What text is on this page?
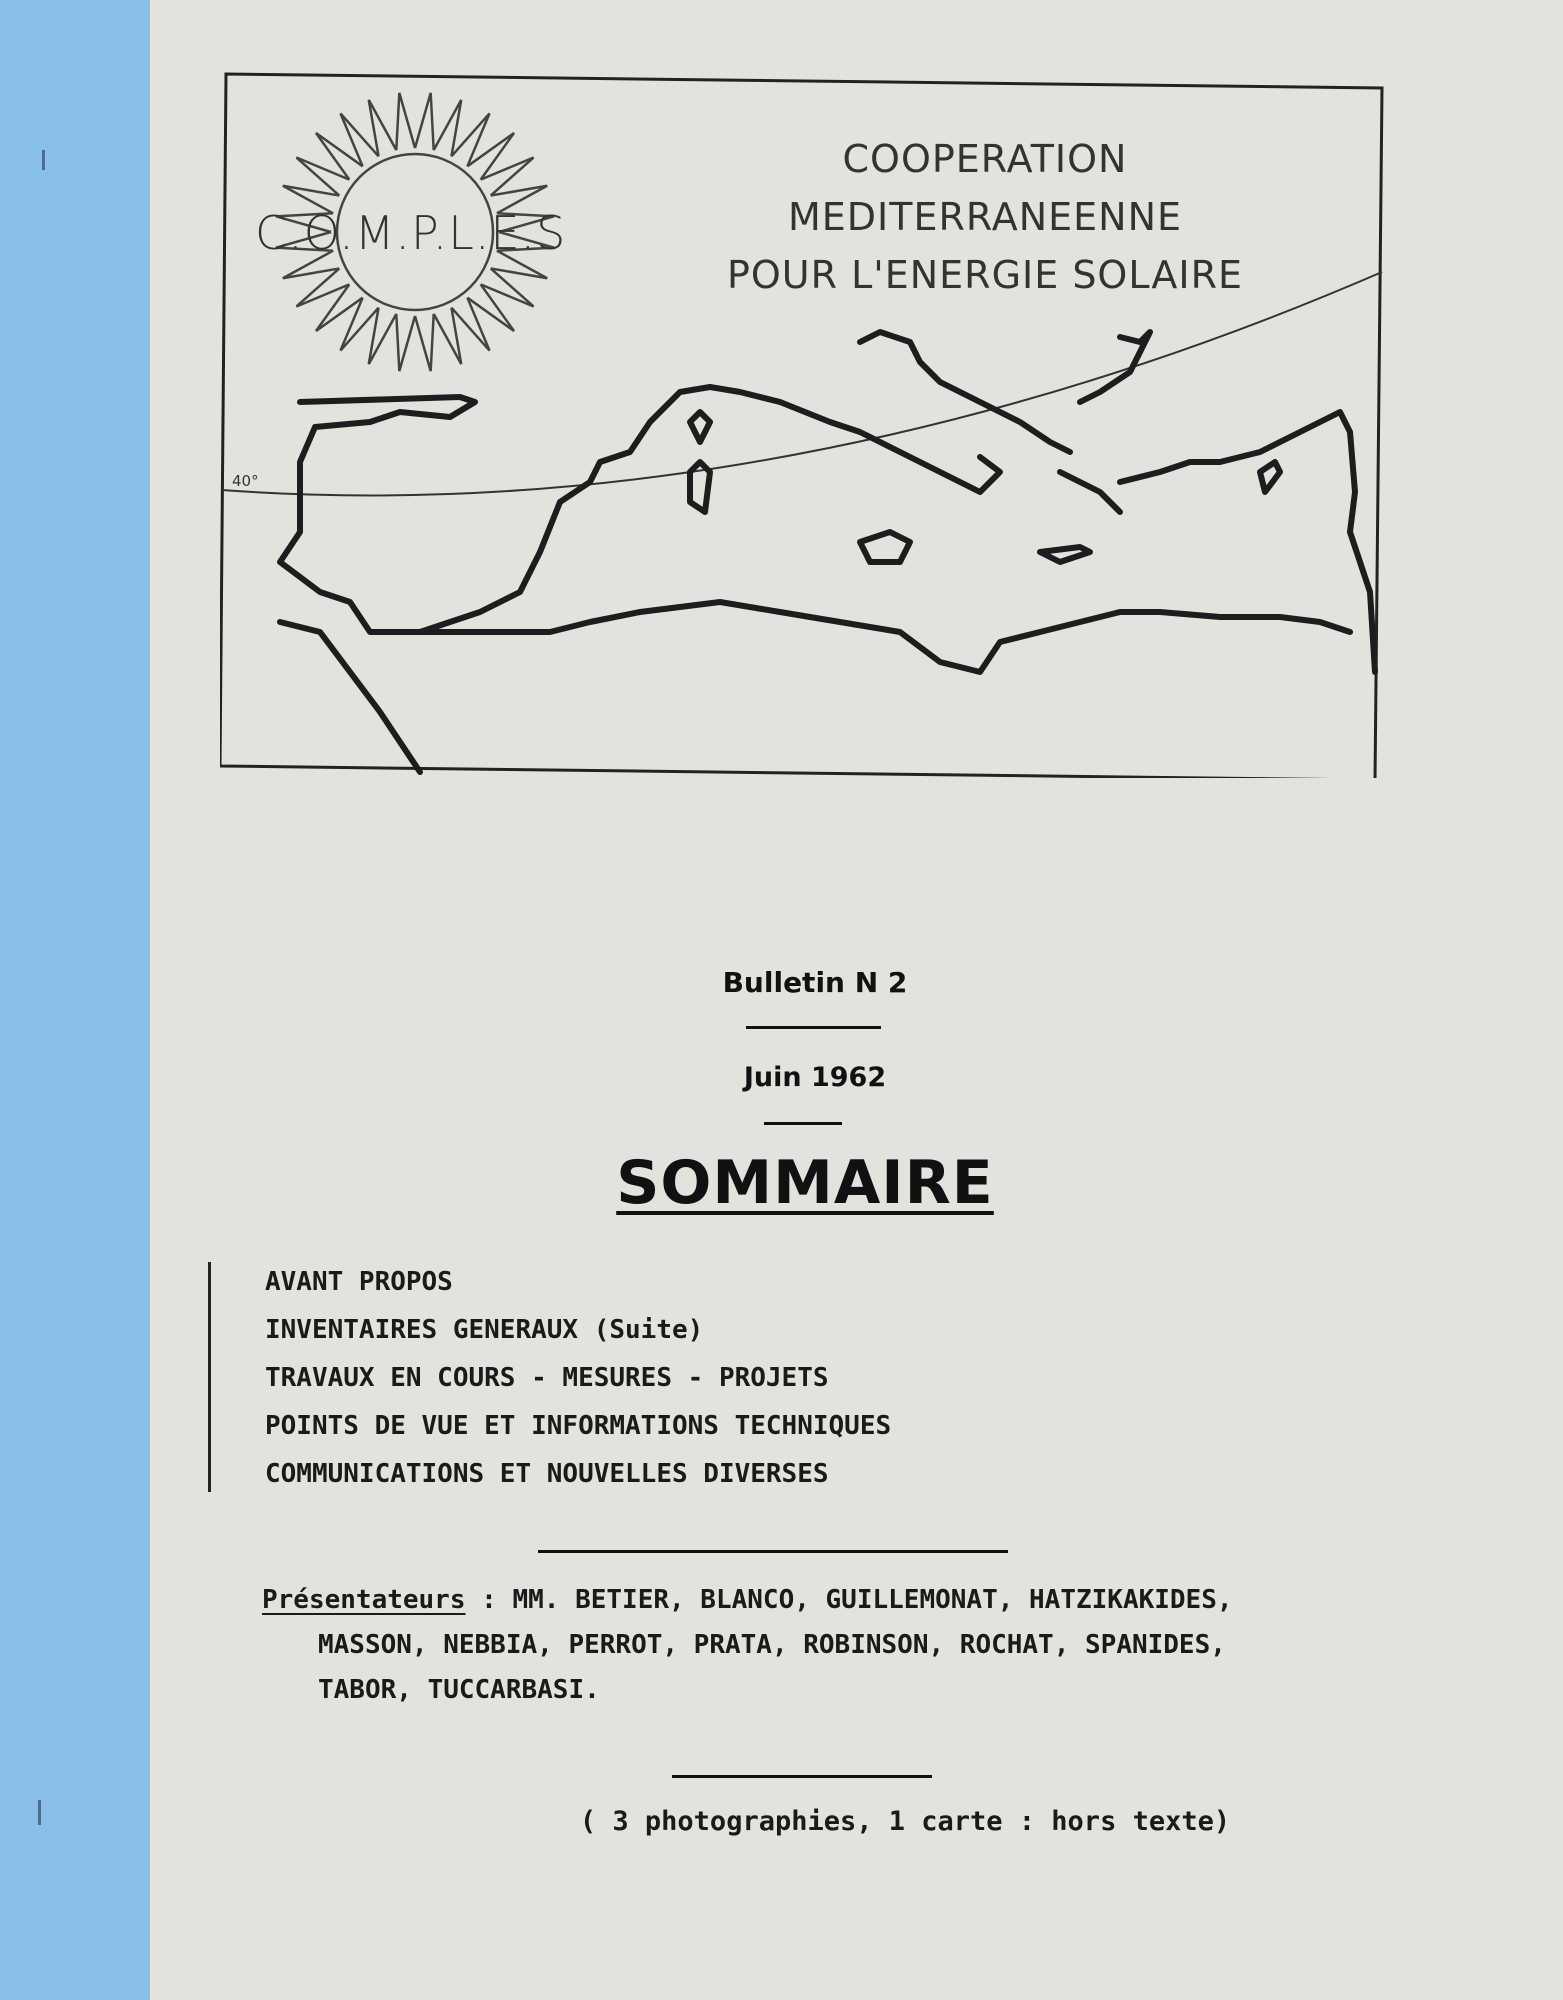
C.O.M.P.L.E.S
40°
COOPERATION
MEDITERRANEENNE
POUR L'ENERGIE SOLAIRE
Bulletin N 2
Juin 1962
SOMMAIRE
AVANT PROPOS
INVENTAIRES GENERAUX (Suite)
TRAVAUX EN COURS - MESURES - PROJETS
POINTS DE VUE ET INFORMATIONS TECHNIQUES
COMMUNICATIONS ET NOUVELLES DIVERSES
Présentateurs : MM. BETIER, BLANCO, GUILLEMONAT, HATZIKAKIDES,
MASSON, NEBBIA, PERROT, PRATA, ROBINSON, ROCHAT, SPANIDES,
TABOR, TUCCARBASI.
( 3 photographies, 1 carte : hors texte)
